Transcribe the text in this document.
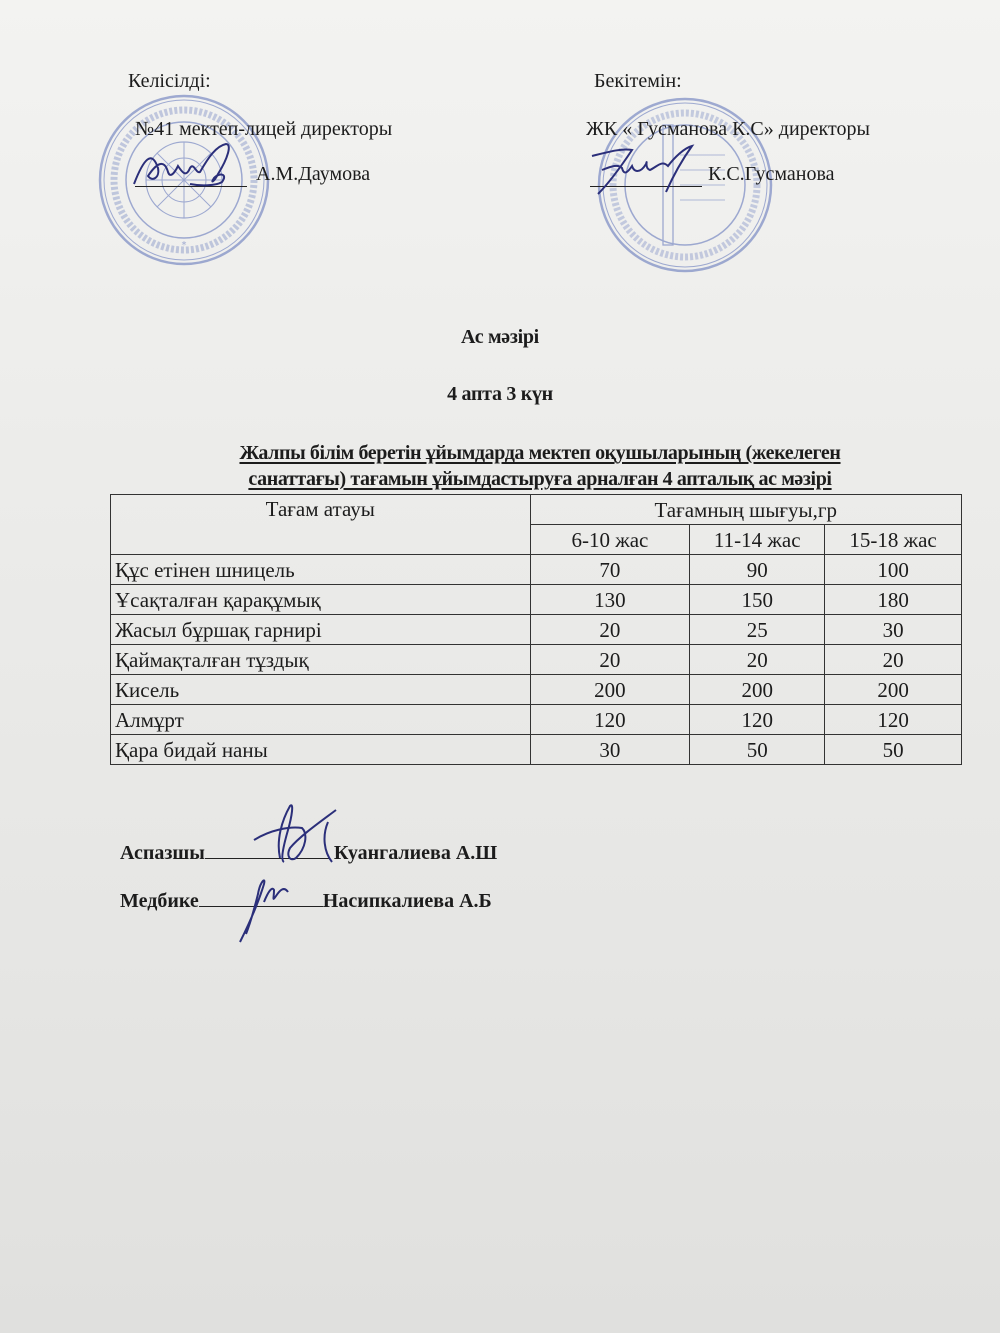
*
Келісілді:
№41 мектеп-лицей директоры
А.М.Даумова
Бекітемін:
ЖК « Гусманова К.С» директоры
К.С.Гусманова
Ас мәзірі
4 апта 3 күн
Жалпы білім беретін ұйымдарда мектеп оқушыларының (жекелеген
санаттағы) тағамын ұйымдастыруға арналған 4 апталық ас мәзірі
Тағам атауы	Тағамның шығуы,гр		
	6-10 жас	11-14 жас	15-18 жас
Құс етінен шницель	70	90	100
Ұсақталған қарақұмық	130	150	180
Жасыл бұршақ гарнирі	20	25	30
Қаймақталған тұздық	20	20	20
Кисель	200	200	200
Алмұрт	120	120	120
Қара бидай наны	30	50	50
Аспазшы	Куангалиева А.Ш
Медбике	Насипкалиева А.Б
